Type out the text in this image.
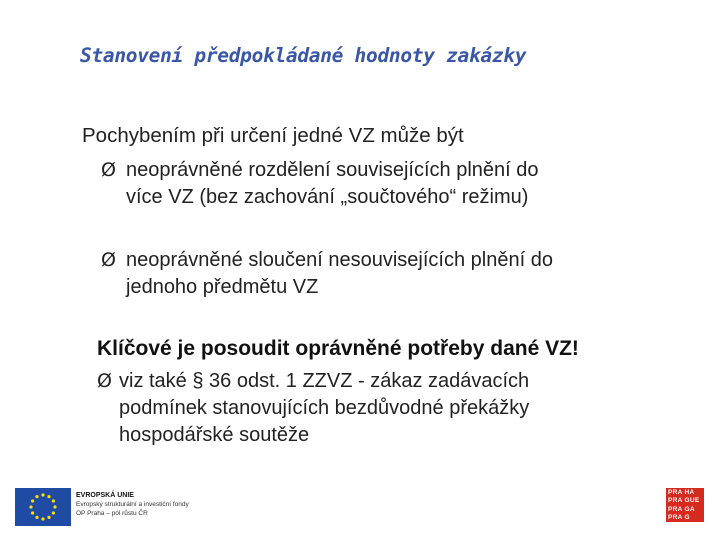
Stanovení předpokládané hodnoty zakázky
Pochybením při určení jedné VZ může být
Ø neoprávněné rozdělení souvisejících plnění do
více VZ (bez zachování „součtového“ režimu)
Ø neoprávněné sloučení nesouvisejících plnění do
jednoho předmětu VZ
Klíčové je posoudit oprávněné potřeby dané VZ!
Ø viz také § 36 odst. 1 ZZVZ - zákaz zadávacích
podmínek stanovujících bezdůvodné překážky
hospodářské soutěže
EVROPSKÁ UNIE
Evropský strukturální a investiční fondy
OP Praha – pól růstu ČR
PRA HA
PRA GUE
PRA GA
PRA G
